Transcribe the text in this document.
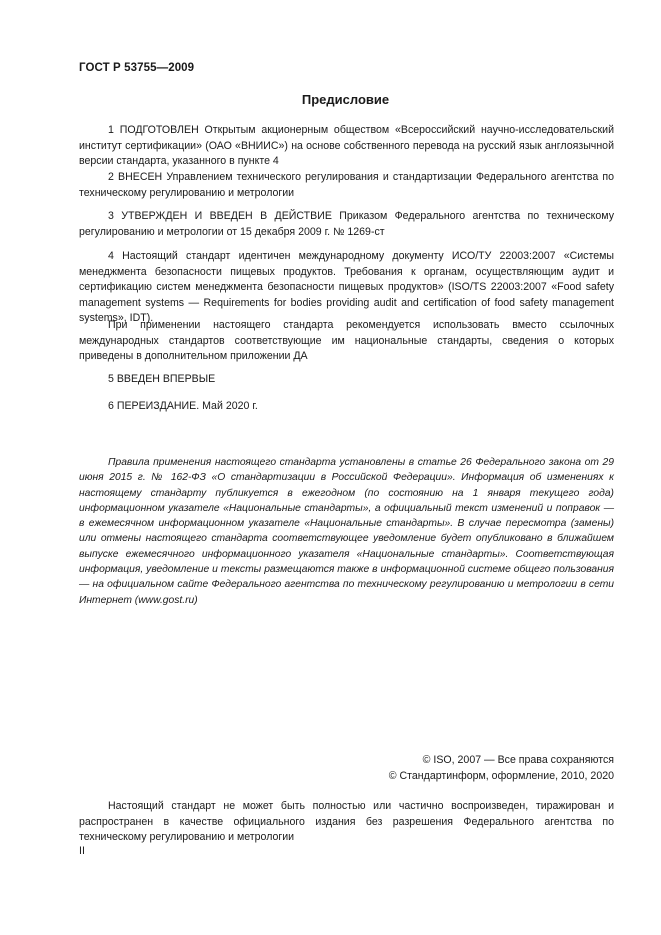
ГОСТ Р 53755—2009
Предисловие
1 ПОДГОТОВЛЕН Открытым акционерным обществом «Всероссийский научно-исследовательский институт сертификации» (ОАО «ВНИИС») на основе собственного перевода на русский язык англоязычной версии стандарта, указанного в пункте 4
2 ВНЕСЕН Управлением технического регулирования и стандартизации Федерального агентства по техническому регулированию и метрологии
3 УТВЕРЖДЕН И ВВЕДЕН В ДЕЙСТВИЕ Приказом Федерального агентства по техническому регулированию и метрологии от 15 декабря 2009 г. № 1269-ст
4 Настоящий стандарт идентичен международному документу ИСО/ТУ 22003:2007 «Системы менеджмента безопасности пищевых продуктов. Требования к органам, осуществляющим аудит и сертификацию систем менеджмента безопасности пищевых продуктов» (ISO/TS 22003:2007 «Food safety management systems — Requirements for bodies providing audit and certification of food safety management systems», IDT).
При применении настоящего стандарта рекомендуется использовать вместо ссылочных международных стандартов соответствующие им национальные стандарты, сведения о которых приведены в дополнительном приложении ДА
5 ВВЕДЕН ВПЕРВЫЕ
6 ПЕРЕИЗДАНИЕ. Май 2020 г.
Правила применения настоящего стандарта установлены в статье 26 Федерального закона от 29 июня 2015 г. № 162-ФЗ «О стандартизации в Российской Федерации». Информация об изменениях к настоящему стандарту публикуется в ежегодном (по состоянию на 1 января текущего года) информационном указателе «Национальные стандарты», а официальный текст изменений и поправок — в ежемесячном информационном указателе «Национальные стандарты». В случае пересмотра (замены) или отмены настоящего стандарта соответствующее уведомление будет опубликовано в ближайшем выпуске ежемесячного информационного указателя «Национальные стандарты». Соответствующая информация, уведомление и тексты размещаются также в информационной системе общего пользования — на официальном сайте Федерального агентства по техническому регулированию и метрологии в сети Интернет (www.gost.ru)
© ISO, 2007 — Все права сохраняются
© Стандартинформ, оформление, 2010, 2020
Настоящий стандарт не может быть полностью или частично воспроизведен, тиражирован и распространен в качестве официального издания без разрешения Федерального агентства по техническому регулированию и метрологии
II
